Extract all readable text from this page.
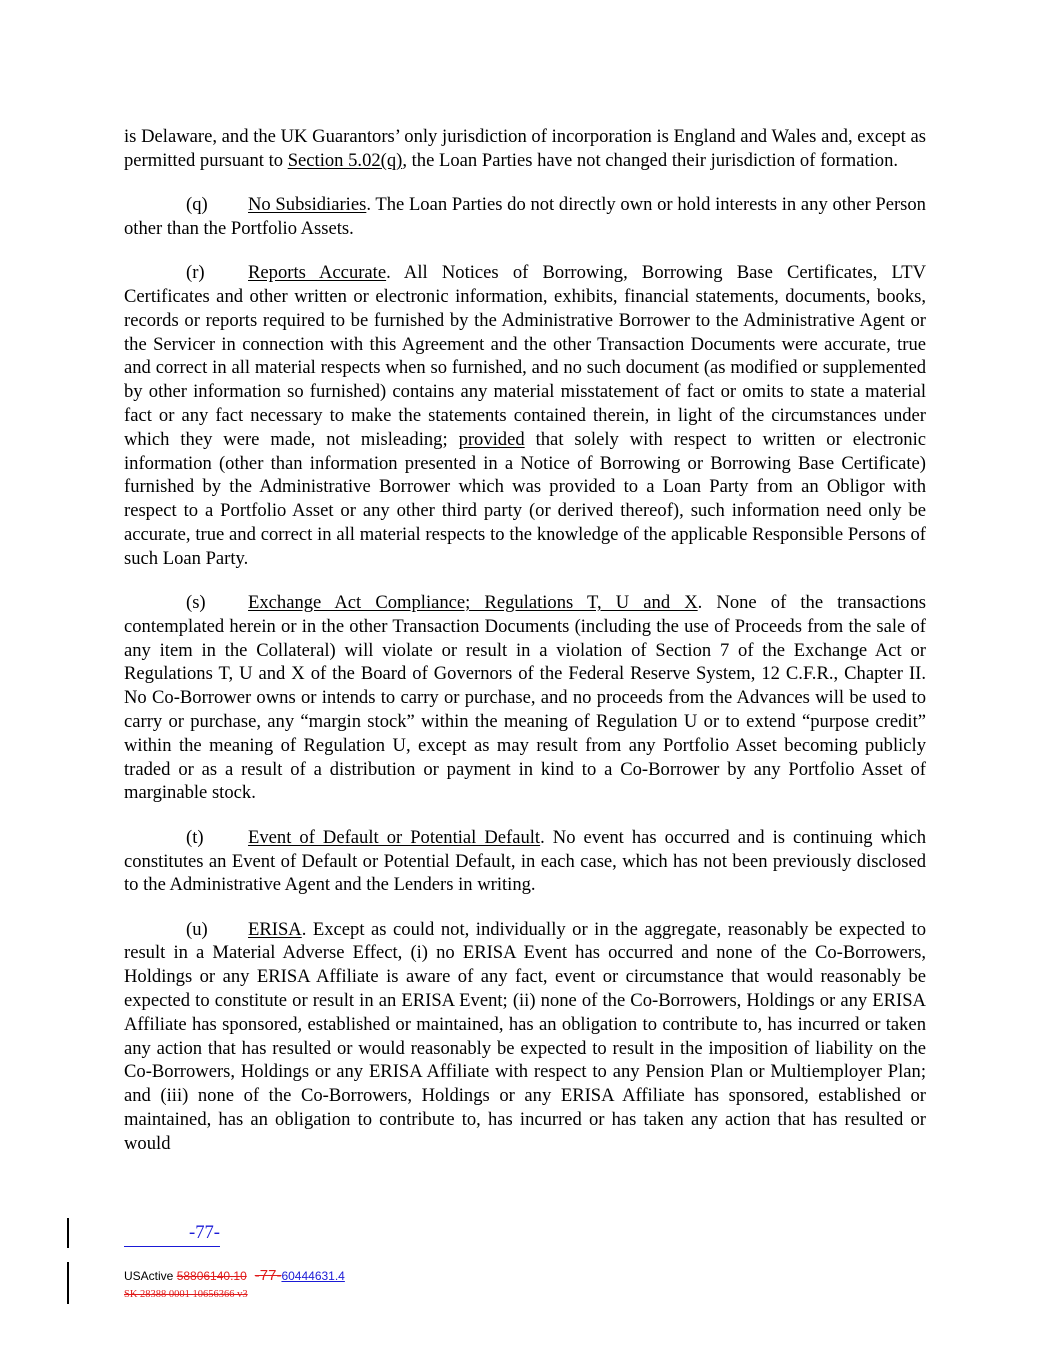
is Delaware, and the UK Guarantors’ only jurisdiction of incorporation is England and Wales and, except as permitted pursuant to Section 5.02(q), the Loan Parties have not changed their jurisdiction of formation.

(q) No Subsidiaries. The Loan Parties do not directly own or hold interests in any other Person other than the Portfolio Assets.

(r) Reports Accurate. All Notices of Borrowing, Borrowing Base Certificates, LTV Certificates and other written or electronic information, exhibits, financial statements, documents, books, records or reports required to be furnished by the Administrative Borrower to the Administrative Agent or the Servicer in connection with this Agreement and the other Transaction Documents were accurate, true and correct in all material respects when so furnished, and no such document (as modified or supplemented by other information so furnished) contains any material misstatement of fact or omits to state a material fact or any fact necessary to make the statements contained therein, in light of the circumstances under which they were made, not misleading; provided that solely with respect to written or electronic information (other than information presented in a Notice of Borrowing or Borrowing Base Certificate) furnished by the Administrative Borrower which was provided to a Loan Party from an Obligor with respect to a Portfolio Asset or any other third party (or derived thereof), such information need only be accurate, true and correct in all material respects to the knowledge of the applicable Responsible Persons of such Loan Party.

(s) Exchange Act Compliance; Regulations T, U and X. None of the transactions contemplated herein or in the other Transaction Documents (including the use of Proceeds from the sale of any item in the Collateral) will violate or result in a violation of Section 7 of the Exchange Act or Regulations T, U and X of the Board of Governors of the Federal Reserve System, 12 C.F.R., Chapter II. No Co-Borrower owns or intends to carry or purchase, and no proceeds from the Advances will be used to carry or purchase, any “margin stock” within the meaning of Regulation U or to extend “purpose credit” within the meaning of Regulation U, except as may result from any Portfolio Asset becoming publicly traded or as a result of a distribution or payment in kind to a Co-Borrower by any Portfolio Asset of marginable stock.

(t) Event of Default or Potential Default. No event has occurred and is continuing which constitutes an Event of Default or Potential Default, in each case, which has not been previously disclosed to the Administrative Agent and the Lenders in writing.

(u) ERISA. Except as could not, individually or in the aggregate, reasonably be expected to result in a Material Adverse Effect, (i) no ERISA Event has occurred and none of the Co-Borrowers, Holdings or any ERISA Affiliate is aware of any fact, event or circumstance that would reasonably be expected to constitute or result in an ERISA Event; (ii) none of the Co-Borrowers, Holdings or any ERISA Affiliate has sponsored, established or maintained, has an obligation to contribute to, has incurred or taken any action that has resulted or would reasonably be expected to result in the imposition of liability on the Co-Borrowers, Holdings or any ERISA Affiliate with respect to any Pension Plan or Multiemployer Plan; and (iii) none of the Co-Borrowers, Holdings or any ERISA Affiliate has sponsored, established or maintained, has an obligation to contribute to, has incurred or has taken any action that has resulted or would

-77-
USActive 58806140.10 -77-60444631.4
SK 28388 0001 10656366 v3
